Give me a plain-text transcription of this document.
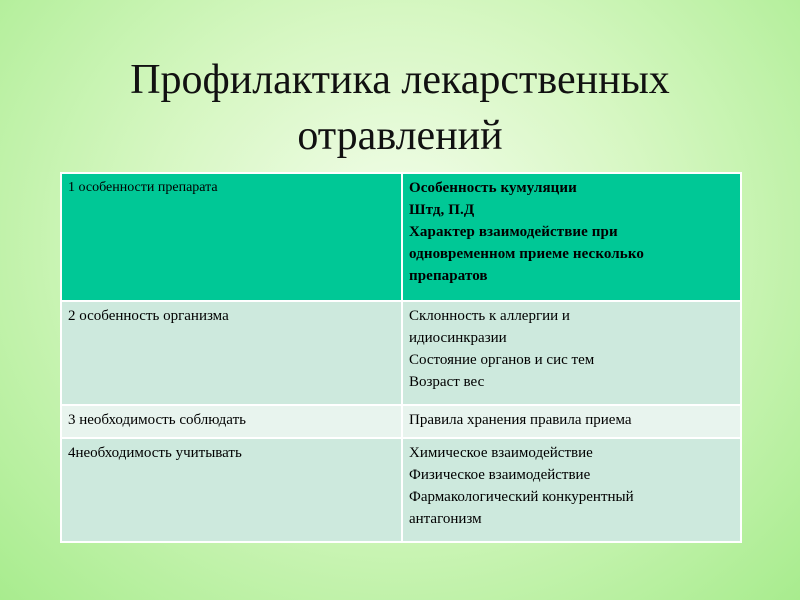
Профилактика лекарственных
отравлений
1 особенности препарата	Особенность кумуляции
Штд, П.Д
Характер взаимодействие при
одновременном приеме несколько
препаратов

2 особенность организма	Склонность к аллергии и
идиосинкразии
Состояние органов и сис тем
Возраст вес

3 необходимость соблюдать	Правила хранения правила приема

4необходимость учитывать	Химическое взаимодействие
Физическое взаимодействие
Фармакологический конкурентный
антагонизм
